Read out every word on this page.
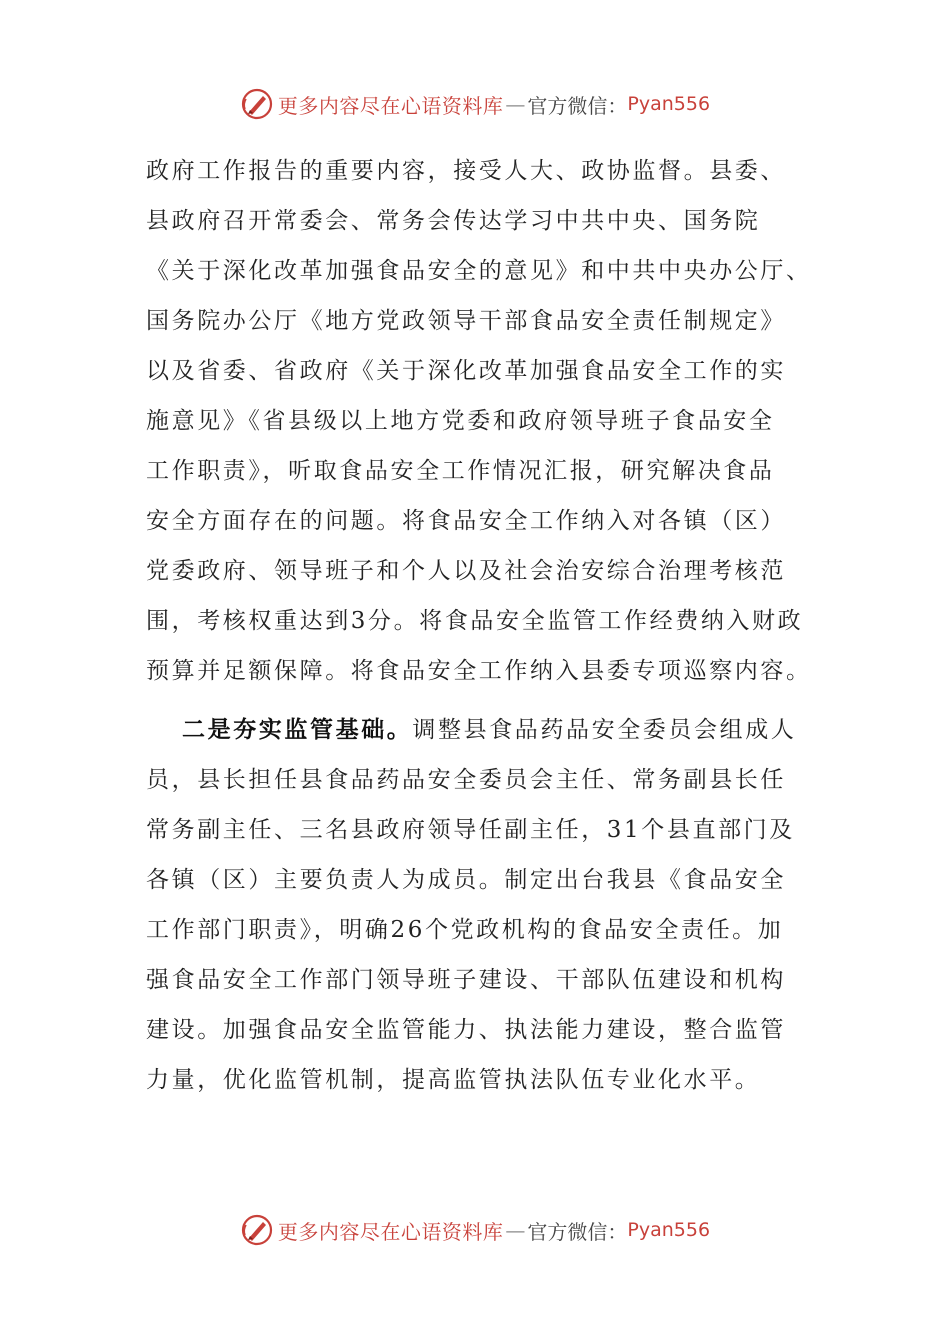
更多内容尽在心语资料库 — 官方微信： Pyan556
政府工作报告的重要内容，接受人大、政协监督。县委、
县政府召开常委会、常务会传达学习中共中央、国务院
《关于深化改革加强食品安全的意见》和中共中央办公厅、
国务院办公厅《地方党政领导干部食品安全责任制规定》
以及省委、省政府《关于深化改革加强食品安全工作的实
施意见》《省县级以上地方党委和政府领导班子食品安全
工作职责》，听取食品安全工作情况汇报，研究解决食品
安全方面存在的问题。将食品安全工作纳入对各镇（区）
党委政府、领导班子和个人以及社会治安综合治理考核范
围，考核权重达到3分。将食品安全监管工作经费纳入财政
预算并足额保障。将食品安全工作纳入县委专项巡察内容。
二是夯实监管基础。调整县食品药品安全委员会组成人
员，县长担任县食品药品安全委员会主任、常务副县长任
常务副主任、三名县政府领导任副主任，31个县直部门及
各镇（区）主要负责人为成员。制定出台我县《食品安全
工作部门职责》，明确26个党政机构的食品安全责任。加
强食品安全工作部门领导班子建设、干部队伍建设和机构
建设。加强食品安全监管能力、执法能力建设，整合监管
力量，优化监管机制，提高监管执法队伍专业化水平。
更多内容尽在心语资料库 — 官方微信： Pyan556
